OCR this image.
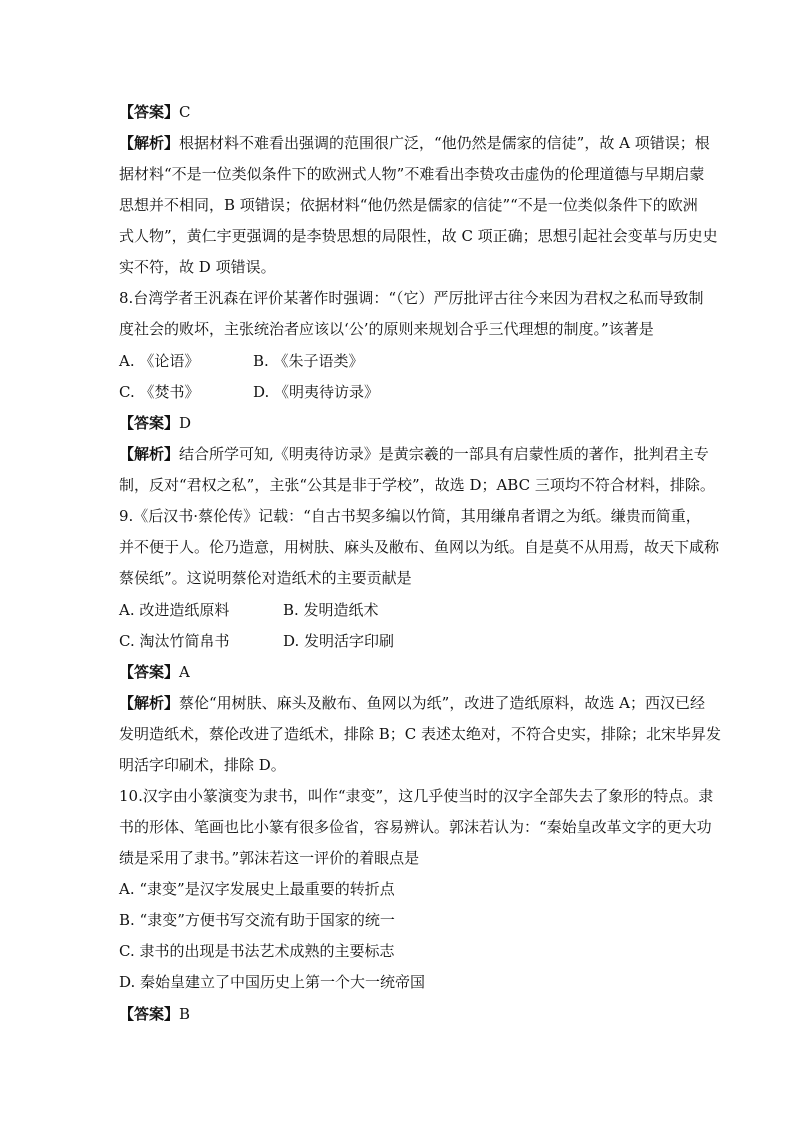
【答案】C
【解析】根据材料不难看出强调的范围很广泛，“他仍然是儒家的信徒”，故 A 项错误；根
据材料“不是一位类似条件下的欧洲式人物”不难看出李贽攻击虚伪的伦理道德与早期启蒙
思想并不相同，B 项错误；依据材料“他仍然是儒家的信徒”“不是一位类似条件下的欧洲
式人物”，黄仁宇更强调的是李贽思想的局限性，故 C 项正确；思想引起社会变革与历史史
实不符，故 D 项错误。
8.台湾学者王汎森在评价某著作时强调：“（它）严厉批评古往今来因为君权之私而导致制
度社会的败坏，主张统治者应该以‘公’的原则来规划合乎三代理想的制度。”该著是
A. 《论语》	B. 《朱子语类》
C. 《焚书》	D. 《明夷待访录》
【答案】D
【解析】结合所学可知,《明夷待访录》是黄宗羲的一部具有启蒙性质的著作，批判君主专
制，反对“君权之私”，主张“公其是非于学校”，故选 D；ABC 三项均不符合材料，排除。
9.《后汉书·蔡伦传》记载：“自古书契多编以竹简，其用缣帛者谓之为纸。缣贵而简重，
并不便于人。伦乃造意，用树肤、麻头及敝布、鱼网以为纸。自是莫不从用焉，故天下咸称
蔡侯纸”。这说明蔡伦对造纸术的主要贡献是
A. 改进造纸原料	B. 发明造纸术
C. 淘汰竹简帛书	D. 发明活字印刷
【答案】A
【解析】蔡伦“用树肤、麻头及敝布、鱼网以为纸”，改进了造纸原料，故选 A；西汉已经
发明造纸术，蔡伦改进了造纸术，排除 B；C 表述太绝对，不符合史实，排除；北宋毕昇发
明活字印刷术，排除 D。
10.汉字由小篆演变为隶书，叫作“隶变”，这几乎使当时的汉字全部失去了象形的特点。隶
书的形体、笔画也比小篆有很多俭省，容易辨认。郭沫若认为：“秦始皇改革文字的更大功
绩是采用了隶书。”郭沫若这一评价的着眼点是
A. “隶变”是汉字发展史上最重要的转折点
B. “隶变”方便书写交流有助于国家的统一
C. 隶书的出现是书法艺术成熟的主要标志
D. 秦始皇建立了中国历史上第一个大一统帝国
【答案】B
